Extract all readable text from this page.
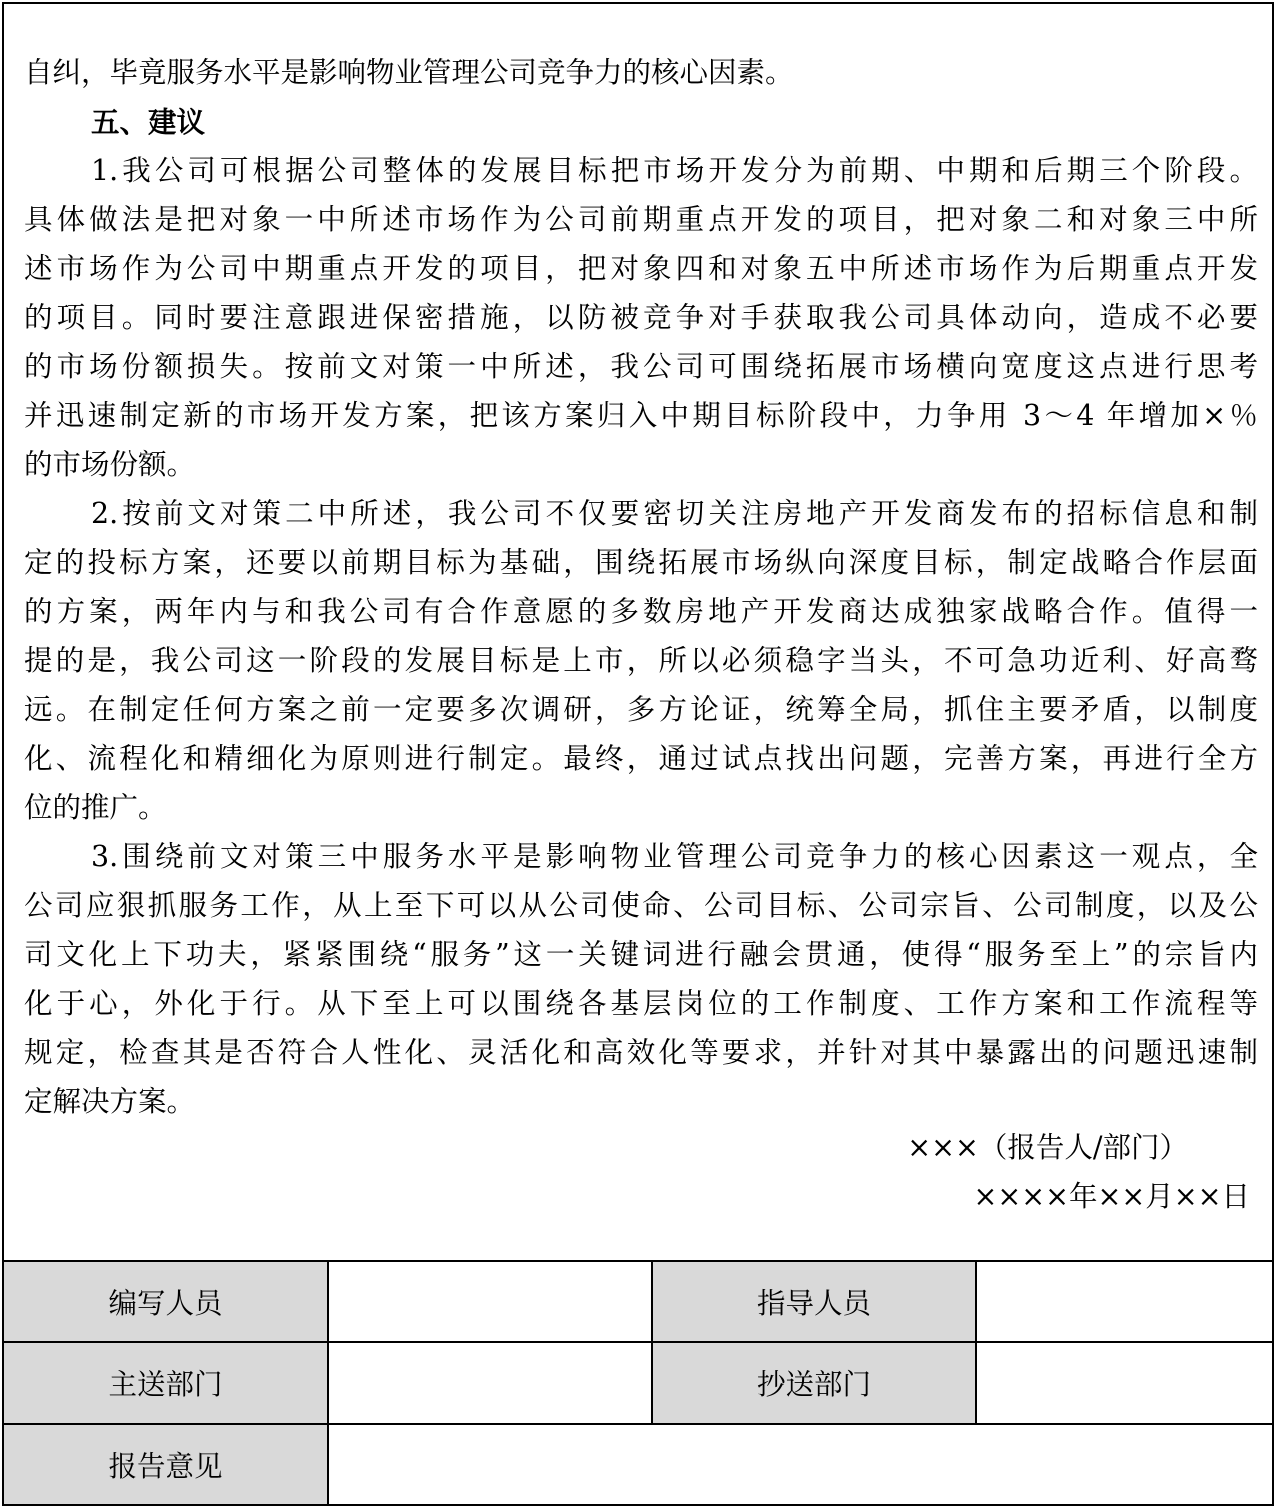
自纠，毕竟服务水平是影响物业管理公司竞争力的核心因素。
五、建议
1.我公司可根据公司整体的发展目标把市场开发分为前期、中期和后期三个阶段。
具体做法是把对象一中所述市场作为公司前期重点开发的项目，把对象二和对象三中所
述市场作为公司中期重点开发的项目，把对象四和对象五中所述市场作为后期重点开发
的项目。同时要注意跟进保密措施，以防被竞争对手获取我公司具体动向，造成不必要
的市场份额损失。按前文对策一中所述，我公司可围绕拓展市场横向宽度这点进行思考
并迅速制定新的市场开发方案，把该方案归入中期目标阶段中，力争用 3～4 年增加×％
的市场份额。
2.按前文对策二中所述，我公司不仅要密切关注房地产开发商发布的招标信息和制
定的投标方案，还要以前期目标为基础，围绕拓展市场纵向深度目标，制定战略合作层面
的方案，两年内与和我公司有合作意愿的多数房地产开发商达成独家战略合作。值得一
提的是，我公司这一阶段的发展目标是上市，所以必须稳字当头，不可急功近利、好高骛
远。在制定任何方案之前一定要多次调研，多方论证，统筹全局，抓住主要矛盾，以制度
化、流程化和精细化为原则进行制定。最终，通过试点找出问题，完善方案，再进行全方
位的推广。
3.围绕前文对策三中服务水平是影响物业管理公司竞争力的核心因素这一观点，全
公司应狠抓服务工作，从上至下可以从公司使命、公司目标、公司宗旨、公司制度，以及公
司文化上下功夫，紧紧围绕“服务”这一关键词进行融会贯通，使得“服务至上”的宗旨内
化于心，外化于行。从下至上可以围绕各基层岗位的工作制度、工作方案和工作流程等
规定，检查其是否符合人性化、灵活化和高效化等要求，并针对其中暴露出的问题迅速制
定解决方案。
×××（报告人/部门）
××××年××月××日
编写人员		指导人员	
主送部门		抄送部门	
报告意见			
